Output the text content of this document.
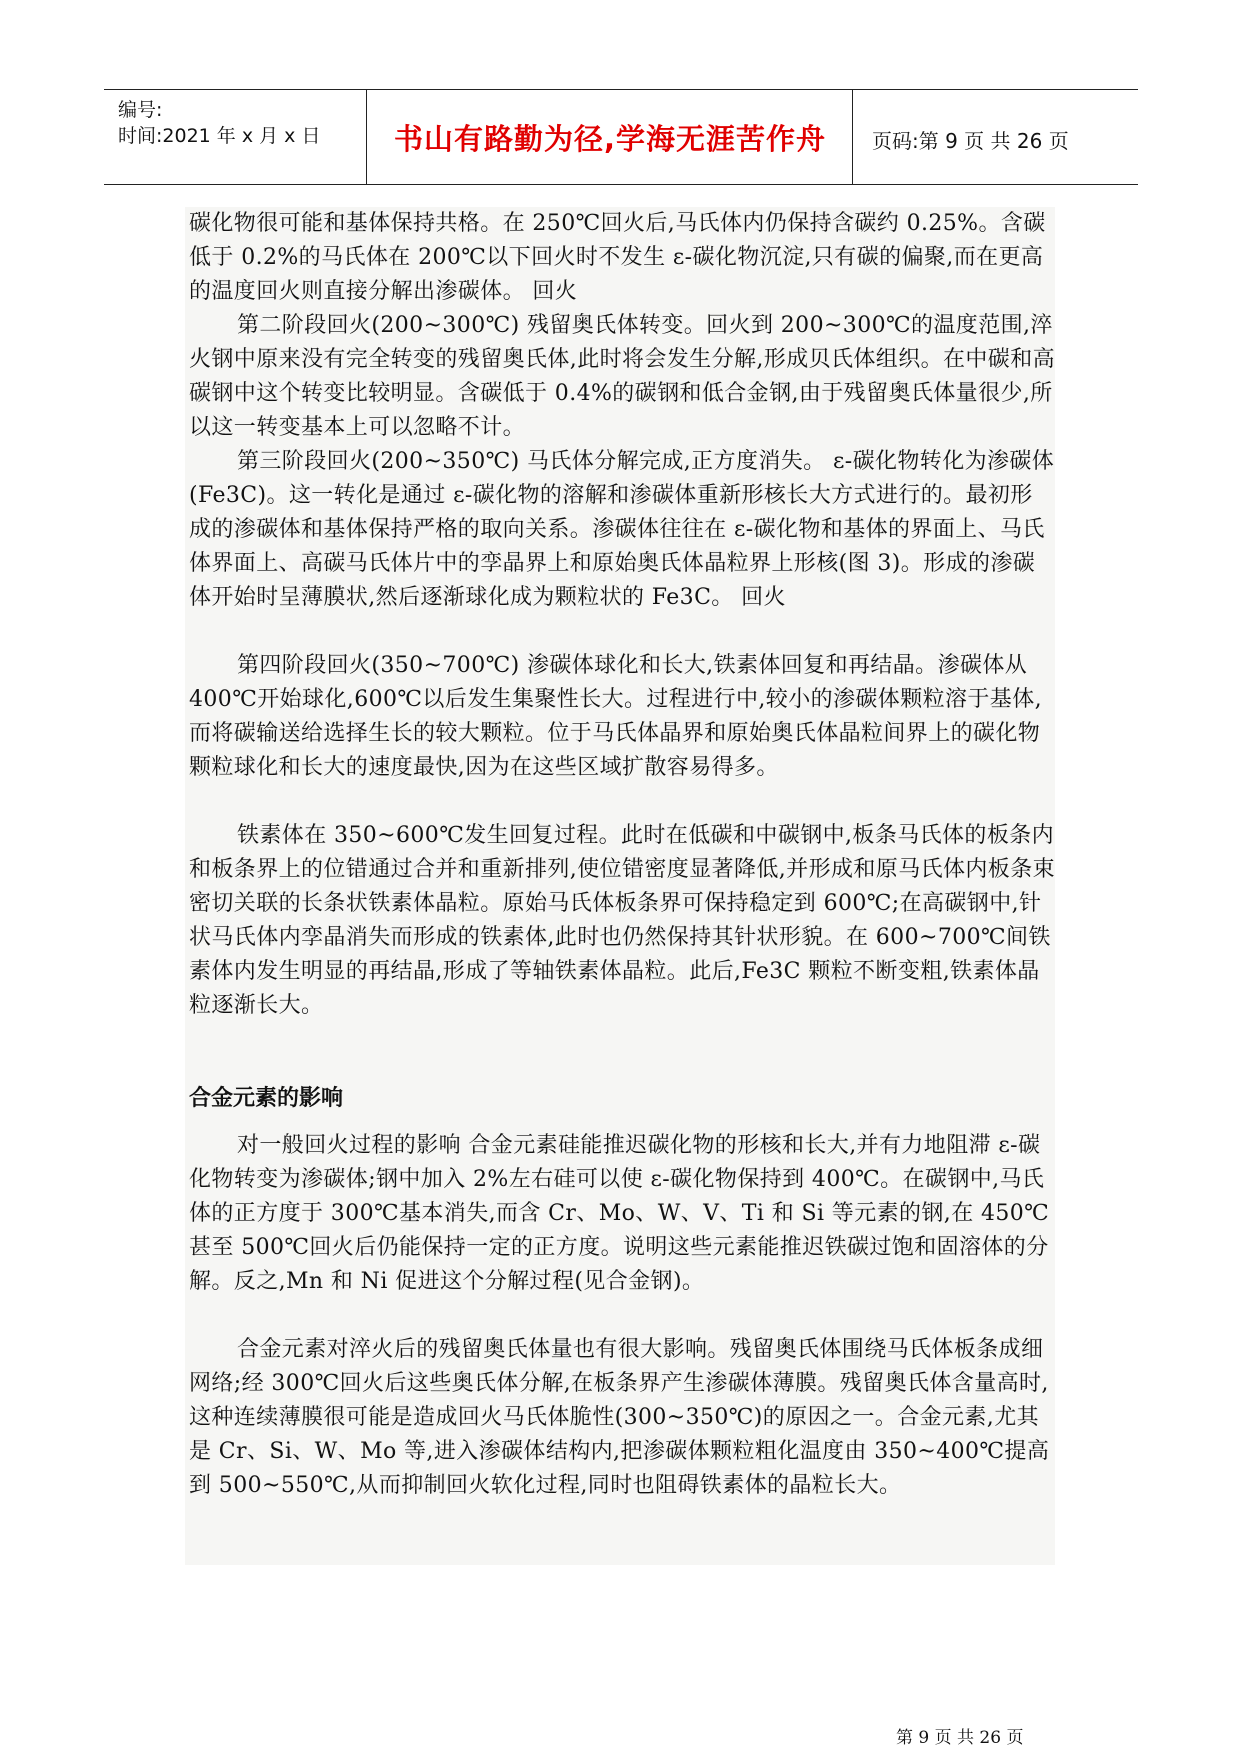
编号:
时间:2021 年 x 月 x 日	书山有路勤为径,学海无涯苦作舟	页码:第 9 页 共 26 页
碳化物很可能和基体保持共格。在 250℃回火后,马氏体内仍保持含碳约 0.25%。含碳低于 0.2%的马氏体在 200℃以下回火时不发生 ε-碳化物沉淀,只有碳的偏聚,而在更高的温度回火则直接分解出渗碳体。 回火
第二阶段回火(200~300℃) 残留奥氏体转变。回火到 200~300℃的温度范围,淬火钢中原来没有完全转变的残留奥氏体,此时将会发生分解,形成贝氏体组织。在中碳和高碳钢中这个转变比较明显。含碳低于 0.4%的碳钢和低合金钢,由于残留奥氏体量很少,所以这一转变基本上可以忽略不计。
第三阶段回火(200~350℃) 马氏体分解完成,正方度消失。 ε-碳化物转化为渗碳体(Fe3C)。这一转化是通过 ε-碳化物的溶解和渗碳体重新形核长大方式进行的。最初形成的渗碳体和基体保持严格的取向关系。渗碳体往往在 ε-碳化物和基体的界面上、马氏体界面上、高碳马氏体片中的孪晶界上和原始奥氏体晶粒界上形核(图 3)。形成的渗碳体开始时呈薄膜状,然后逐渐球化成为颗粒状的 Fe3C。 回火
第四阶段回火(350~700℃) 渗碳体球化和长大,铁素体回复和再结晶。渗碳体从 400℃开始球化,600℃以后发生集聚性长大。过程进行中,较小的渗碳体颗粒溶于基体,而将碳输送给选择生长的较大颗粒。位于马氏体晶界和原始奥氏体晶粒间界上的碳化物颗粒球化和长大的速度最快,因为在这些区域扩散容易得多。
铁素体在 350~600℃发生回复过程。此时在低碳和中碳钢中,板条马氏体的板条内和板条界上的位错通过合并和重新排列,使位错密度显著降低,并形成和原马氏体内板条束密切关联的长条状铁素体晶粒。原始马氏体板条界可保持稳定到 600℃;在高碳钢中,针状马氏体内孪晶消失而形成的铁素体,此时也仍然保持其针状形貌。在 600~700℃间铁素体内发生明显的再结晶,形成了等轴铁素体晶粒。此后,Fe3C 颗粒不断变粗,铁素体晶粒逐渐长大。
合金元素的影响
对一般回火过程的影响 合金元素硅能推迟碳化物的形核和长大,并有力地阻滞 ε-碳化物转变为渗碳体;钢中加入 2%左右硅可以使 ε-碳化物保持到 400℃。在碳钢中,马氏体的正方度于 300℃基本消失,而含 Cr、Mo、W、V、Ti 和 Si 等元素的钢,在 450℃甚至 500℃回火后仍能保持一定的正方度。说明这些元素能推迟铁碳过饱和固溶体的分解。反之,Mn 和 Ni 促进这个分解过程(见合金钢)。
合金元素对淬火后的残留奥氏体量也有很大影响。残留奥氏体围绕马氏体板条成细网络;经 300℃回火后这些奥氏体分解,在板条界产生渗碳体薄膜。残留奥氏体含量高时,这种连续薄膜很可能是造成回火马氏体脆性(300~350℃)的原因之一。合金元素,尤其是 Cr、Si、W、Mo 等,进入渗碳体结构内,把渗碳体颗粒粗化温度由 350~400℃提高到 500~550℃,从而抑制回火软化过程,同时也阻碍铁素体的晶粒长大。
第 9 页 共 26 页
